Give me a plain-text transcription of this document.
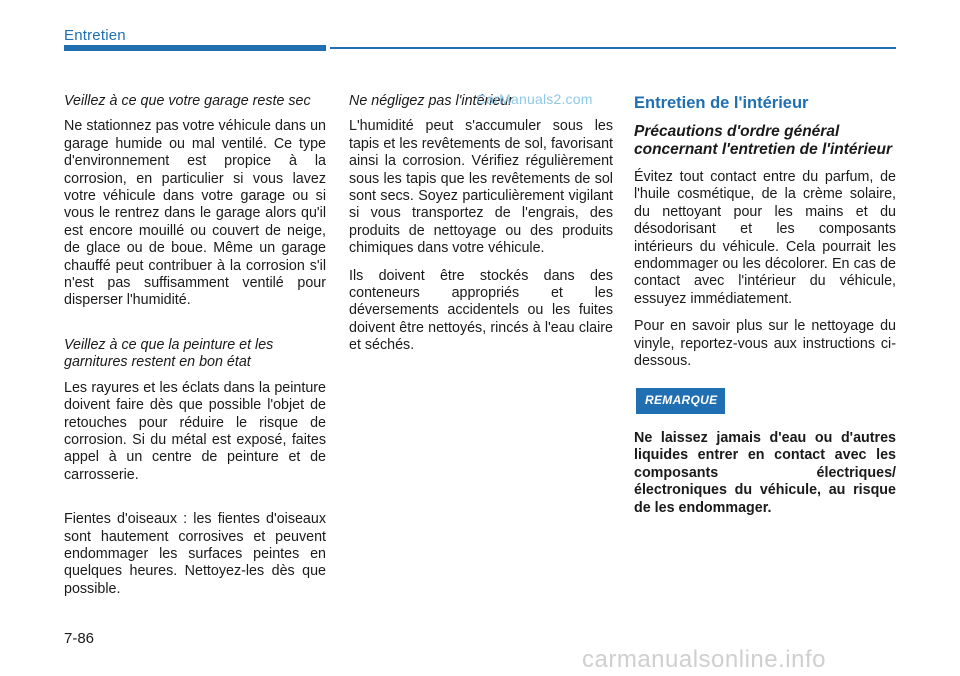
Entretien

Veillez à ce que votre garage reste sec

Ne stationnez pas votre véhicule dans un garage humide ou mal ventilé. Ce type d'environnement est propice à la corrosion, en particulier si vous lavez votre véhicule dans votre garage ou si vous le rentrez dans le garage alors qu'il est encore mouillé ou couvert de neige, de glace ou de boue. Même un garage chauffé peut contribuer à la corrosion s'il n'est pas suffisamment ventilé pour disperser l'humidité.

Veillez à ce que la peinture et les garnitures restent en bon état

Les rayures et les éclats dans la peinture doivent faire dès que possible l'objet de retouches pour réduire le risque de corrosion. Si du métal est exposé, faites appel à un centre de peinture et de carrosserie.

Fientes d'oiseaux : les fientes d'oiseaux sont hautement corrosives et peuvent endommager les surfaces peintes en quelques heures. Nettoyez-les dès que possible.

Ne négligez pas l'intérieur

L'humidité peut s'accumuler sous les tapis et les revêtements de sol, favorisant ainsi la corrosion. Vérifiez régulièrement sous les tapis que les revêtements de sol sont secs. Soyez particulièrement vigilant si vous transportez de l'engrais, des produits de nettoyage ou des produits chimiques dans votre véhicule.

Ils doivent être stockés dans des conteneurs appropriés et les déversements accidentels ou les fuites doivent être nettoyés, rincés à l'eau claire et séchés.

Entretien de l'intérieur
Précautions d'ordre général concernant l'entretien de l'intérieur

Évitez tout contact entre du parfum, de l'huile cosmétique, de la crème solaire, du nettoyant pour les mains et du désodorisant et les composants intérieurs du véhicule. Cela pourrait les endommager ou les décolorer. En cas de contact avec l'intérieur du véhicule, essuyez immédiatement.

Pour en savoir plus sur le nettoyage du vinyle, reportez-vous aux instructions ci-dessous.

REMARQUE

Ne laissez jamais d'eau ou d'autres liquides entrer en contact avec les composants électriques/ électroniques du véhicule, au risque de les endommager.

CarManuals2.com
7-86
carmanualsonline.info
